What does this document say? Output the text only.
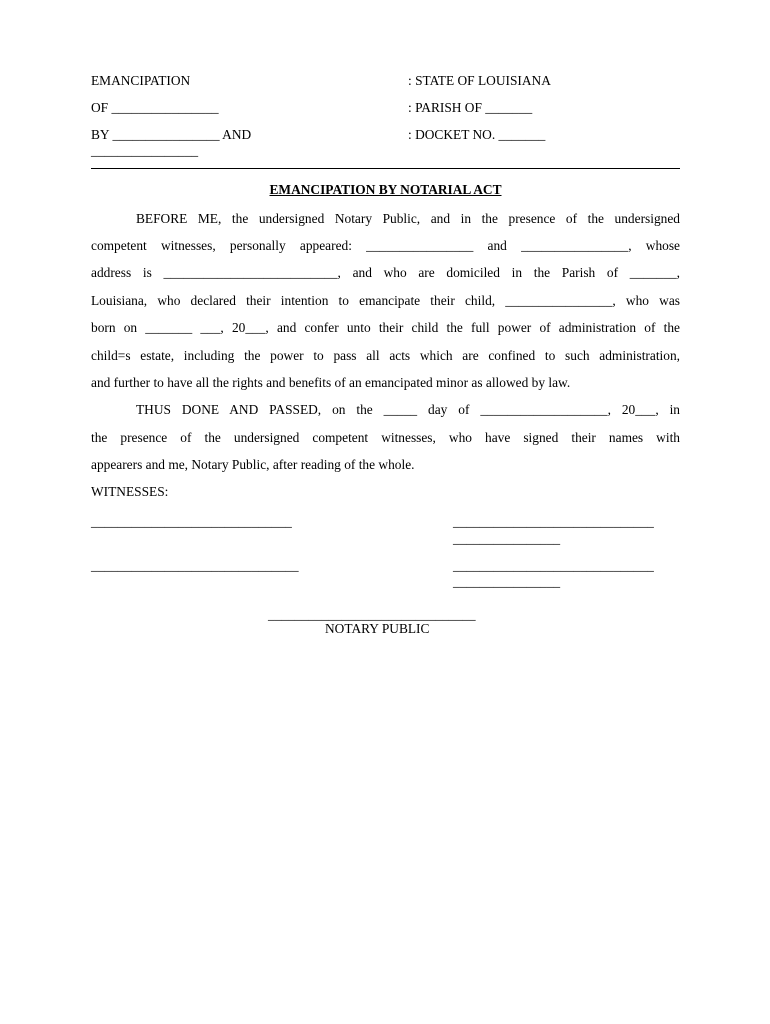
EMANCIPATION
OF ________________
BY ________________ AND
________________
: STATE OF LOUISIANA
: PARISH OF _______
: DOCKET NO. _______
EMANCIPATION BY NOTARIAL ACT
BEFORE ME, the undersigned Notary Public, and in the presence of the undersigned
competent witnesses, personally appeared: ________________ and ________________, whose
address is __________________________, and who are domiciled in the Parish of _______,
Louisiana, who declared their intention to emancipate their child, ________________, who was
born on _______ ___, 20___, and confer unto their child the full power of administration of the
child=s estate, including the power to pass all acts which are confined to such administration,
and further to have all the rights and benefits of an emancipated minor as allowed by law.
THUS DONE AND PASSED, on the _____ day of ___________________, 20___, in
the presence of the undersigned competent witnesses, who have signed their names with
appearers and me, Notary Public, after reading of the whole.
WITNESSES:
______________________________	______________________________
________________
_______________________________	______________________________
________________
_______________________________
NOTARY PUBLIC
